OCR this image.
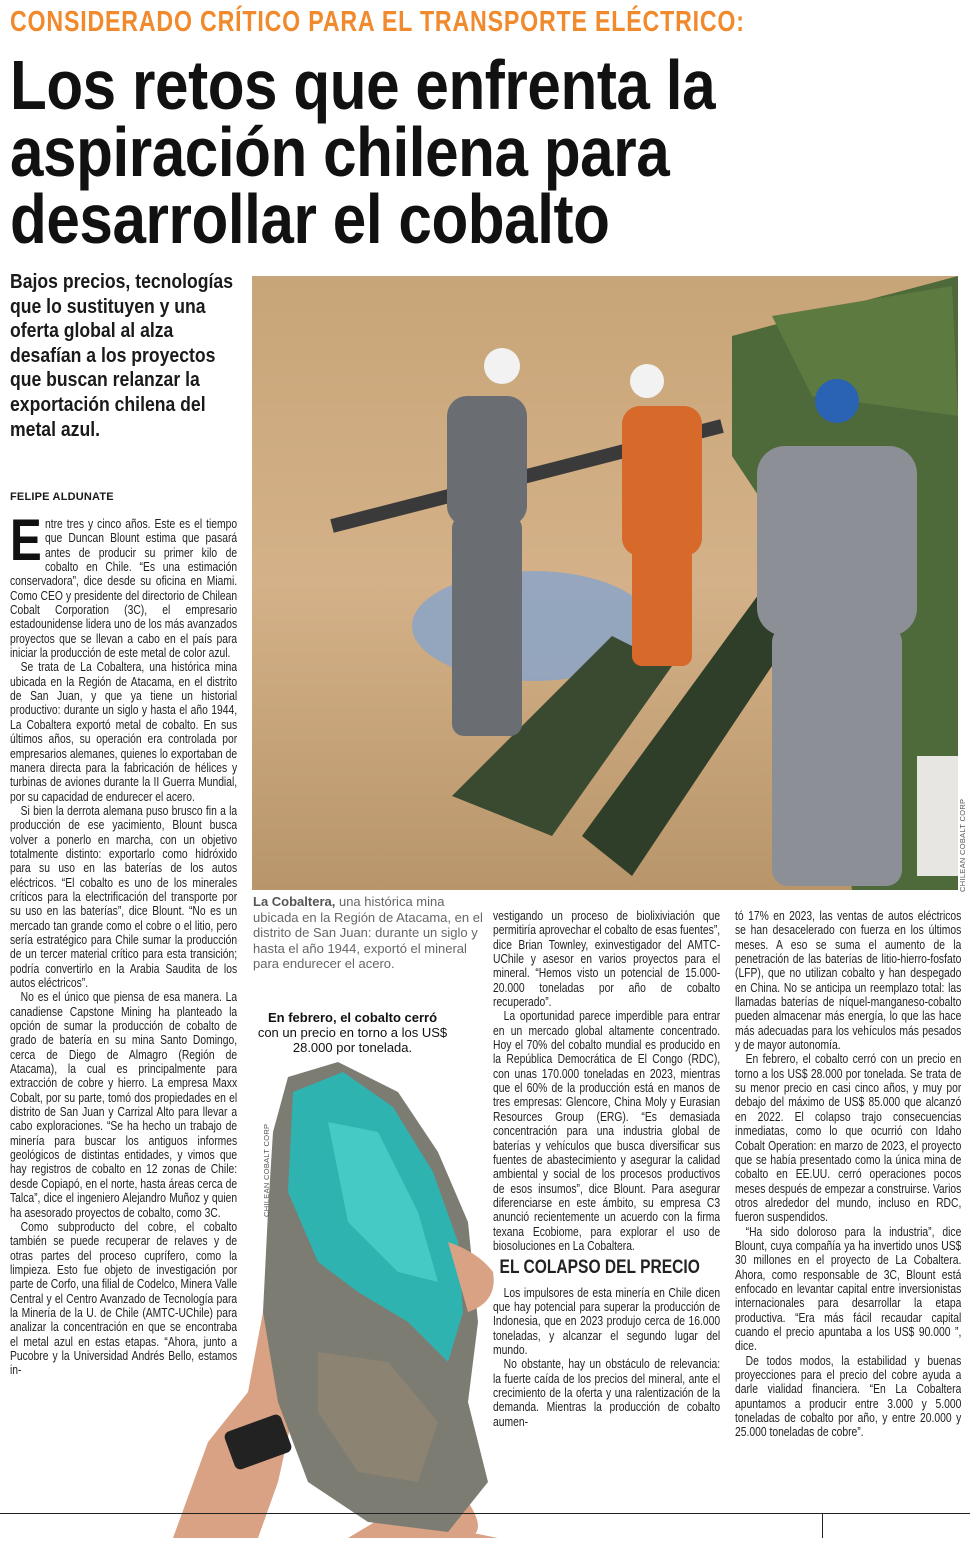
CONSIDERADO CRÍTICO PARA EL TRANSPORTE ELÉCTRICO:
Los retos que enfrenta la
aspiración chilena para
desarrollar el cobalto
Bajos precios, tecnologías que lo sustituyen y una oferta global al alza desafían a los proyectos que buscan relanzar la exportación chilena del metal azul.
FELIPE ALDUNATE

Entre tres y cinco años. Este es el tiempo que Duncan Blount estima que pasará antes de producir su primer kilo de cobalto en Chile. “Es una estimación conservadora”, dice desde su oficina en Miami. Como CEO y presidente del directorio de Chilean Cobalt Corporation (3C), el empresario estadounidense lidera uno de los más avanzados proyectos que se llevan a cabo en el país para iniciar la producción de este metal de color azul.

Se trata de La Cobaltera, una histórica mina ubicada en la Región de Atacama, en el distrito de San Juan, y que ya tiene un historial productivo: durante un siglo y hasta el año 1944, La Cobaltera exportó metal de cobalto. En sus últimos años, su operación era controlada por empresarios alemanes, quienes lo exportaban de manera directa para la fabricación de hélices y turbinas de aviones durante la II Guerra Mundial, por su capacidad de endurecer el acero.

Si bien la derrota alemana puso brusco fin a la producción de ese yacimiento, Blount busca volver a ponerlo en marcha, con un objetivo totalmente distinto: exportarlo como hidróxido para su uso en las baterías de los autos eléctricos. “El cobalto es uno de los minerales críticos para la electrificación del transporte por su uso en las baterías”, dice Blount. “No es un mercado tan grande como el cobre o el litio, pero sería estratégico para Chile sumar la producción de un tercer material crítico para esta transición; podría convertirlo en la Arabia Saudita de los autos eléctricos”.

No es el único que piensa de esa manera. La canadiense Capstone Mining ha planteado la opción de sumar la producción de cobalto de grado de batería en su mina Santo Domingo, cerca de Diego de Almagro (Región de Atacama), la cual es principalmente para extracción de cobre y hierro. La empresa Maxx Cobalt, por su parte, tomó dos propiedades en el distrito de San Juan y Carrizal Alto para llevar a cabo exploraciones. “Se ha hecho un trabajo de minería para buscar los antiguos informes geológicos de distintas entidades, y vimos que hay registros de cobalto en 12 zonas de Chile: desde Copiapó, en el norte, hasta áreas cerca de Talca”, dice el ingeniero Alejandro Muñoz y quien ha asesorado proyectos de cobalto, como 3C.

Como subproducto del cobre, el cobalto también se puede recuperar de relaves y de otras partes del proceso cuprífero, como la limpieza. Esto fue objeto de investigación por parte de Corfo, una filial de Codelco, Minera Valle Central y el Centro Avanzado de Tecnología para la Minería de la U. de Chile (AMTC-UChile) para analizar la concentración en que se encontraba el metal azul en estas etapas. “Ahora, junto a Pucobre y la Universidad Andrés Bello, estamos in-

CHILEAN COBALT CORP
La Cobaltera, una histórica mina ubicada en la Región de Atacama, en el distrito de San Juan: durante un siglo y hasta el año 1944, exportó el mineral para endurecer el acero.
En febrero, el cobalto cerró
con un precio en torno a los US$ 28.000 por tonelada.
CHILEAN COBALT CORP

vestigando un proceso de biolixiviación que permitiría aprovechar el cobalto de esas fuentes”, dice Brian Townley, exinvestigador del AMTC-UChile y asesor en varios proyectos para el mineral. “Hemos visto un potencial de 15.000-20.000 toneladas por año de cobalto recuperado”.

La oportunidad parece imperdible para entrar en un mercado global altamente concentrado. Hoy el 70% del cobalto mundial es producido en la República Democrática de El Congo (RDC), con unas 170.000 toneladas en 2023, mientras que el 60% de la producción está en manos de tres empresas: Glencore, China Moly y Eurasian Resources Group (ERG). “Es demasiada concentración para una industria global de baterías y vehículos que busca diversificar sus fuentes de abastecimiento y asegurar la calidad ambiental y social de los procesos productivos de esos insumos”, dice Blount. Para asegurar diferenciarse en este ámbito, su empresa C3 anunció recientemente un acuerdo con la firma texana Ecobiome, para explorar el uso de biosoluciones en La Cobaltera.

EL COLAPSO DEL PRECIO

Los impulsores de esta minería en Chile dicen que hay potencial para superar la producción de Indonesia, que en 2023 produjo cerca de 16.000 toneladas, y alcanzar el segundo lugar del mundo.

No obstante, hay un obstáculo de relevancia: la fuerte caída de los precios del mineral, ante el crecimiento de la oferta y una ralentización de la demanda. Mientras la producción de cobalto aumen-

tó 17% en 2023, las ventas de autos eléctricos se han desacelerado con fuerza en los últimos meses. A eso se suma el aumento de la penetración de las baterías de litio-hierro-fosfato (LFP), que no utilizan cobalto y han despegado en China. No se anticipa un reemplazo total: las llamadas baterías de níquel-manganeso-cobalto pueden almacenar más energía, lo que las hace más adecuadas para los vehículos más pesados y de mayor autonomía.

En febrero, el cobalto cerró con un precio en torno a los US$ 28.000 por tonelada. Se trata de su menor precio en casi cinco años, y muy por debajo del máximo de US$ 85.000 que alcanzó en 2022. El colapso trajo consecuencias inmediatas, como lo que ocurrió con Idaho Cobalt Operation: en marzo de 2023, el proyecto que se había presentado como la única mina de cobalto en EE.UU. cerró operaciones pocos meses después de empezar a construirse. Varios otros alrededor del mundo, incluso en RDC, fueron suspendidos.

“Ha sido doloroso para la industria”, dice Blount, cuya compañía ya ha invertido unos US$ 30 millones en el proyecto de La Cobaltera. Ahora, como responsable de 3C, Blount está enfocado en levantar capital entre inversionistas internacionales para desarrollar la etapa productiva. “Era más fácil recaudar capital cuando el precio apuntaba a los US$ 90.000 ”, dice.

De todos modos, la estabilidad y buenas proyecciones para el precio del cobre ayuda a darle vialidad financiera. “En La Cobaltera apuntamos a producir entre 3.000 y 5.000 toneladas de cobalto por año, y entre 20.000 y 25.000 toneladas de cobre”.
